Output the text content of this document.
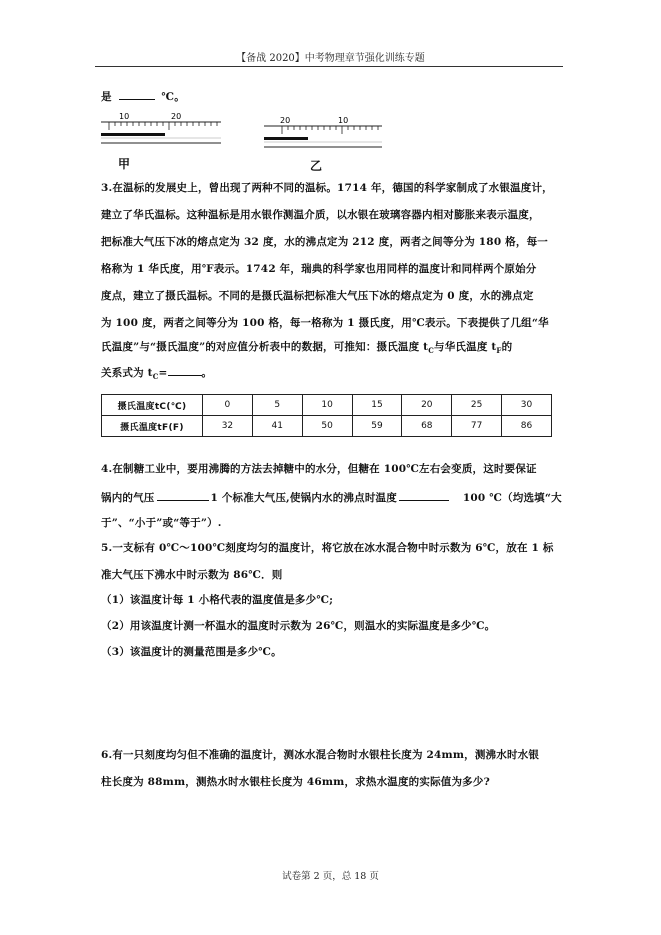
【备战 2020】中考物理章节强化训练专题
是	℃。
10	20
甲
20	10
乙
3.在温标的发展史上，曾出现了两种不同的温标。1714 年，德国的科学家制成了水银温度计，
建立了华氏温标。这种温标是用水银作测温介质，以水银在玻璃容器内相对膨胀来表示温度，
把标准大气压下冰的熔点定为 32 度，水的沸点定为 212 度，两者之间等分为 180 格，每一
格称为 1 华氏度，用℉表示。1742 年，瑞典的科学家也用同样的温度计和同样两个原始分
度点，建立了摄氏温标。不同的是摄氏温标把标准大气压下冰的熔点定为 0 度，水的沸点定
为 100 度，两者之间等分为 100 格，每一格称为 1 摄氏度，用℃表示。下表提供了几组“华
氏温度”与“摄氏温度”的对应值分析表中的数据，可推知：摄氏温度 $t_C$与华氏温度 $t_F$的
关系式为 $t_C=$	。
摄氏温度tC(℃)	0	5	10	15	20	25	30
摄氏温度tF(F)	32	41	50	59	68	77	86
4.在制糖工业中，要用沸腾的方法去掉糖中的水分，但糖在 100℃左右会变质，这时要保证
锅内的气压	1 个标准大气压,使锅内水的沸点时温度	100 ℃（均选填“大
于”、“小于”或“等于”）.
5.一支标有 0℃～100℃刻度均匀的温度计，将它放在冰水混合物中时示数为 6℃，放在 1 标
准大气压下沸水中时示数为 86℃．则
（1）该温度计每 1 小格代表的温度值是多少℃;
（2）用该温度计测一杯温水的温度时示数为 26℃，则温水的实际温度是多少℃。
（3）该温度计的测量范围是多少℃。
6.有一只刻度均匀但不准确的温度计，测冰水混合物时水银柱长度为 24mm，测沸水时水银
柱长度为 88mm，测热水时水银柱长度为 46mm，求热水温度的实际值为多少?
试卷第 2 页，总 18 页
